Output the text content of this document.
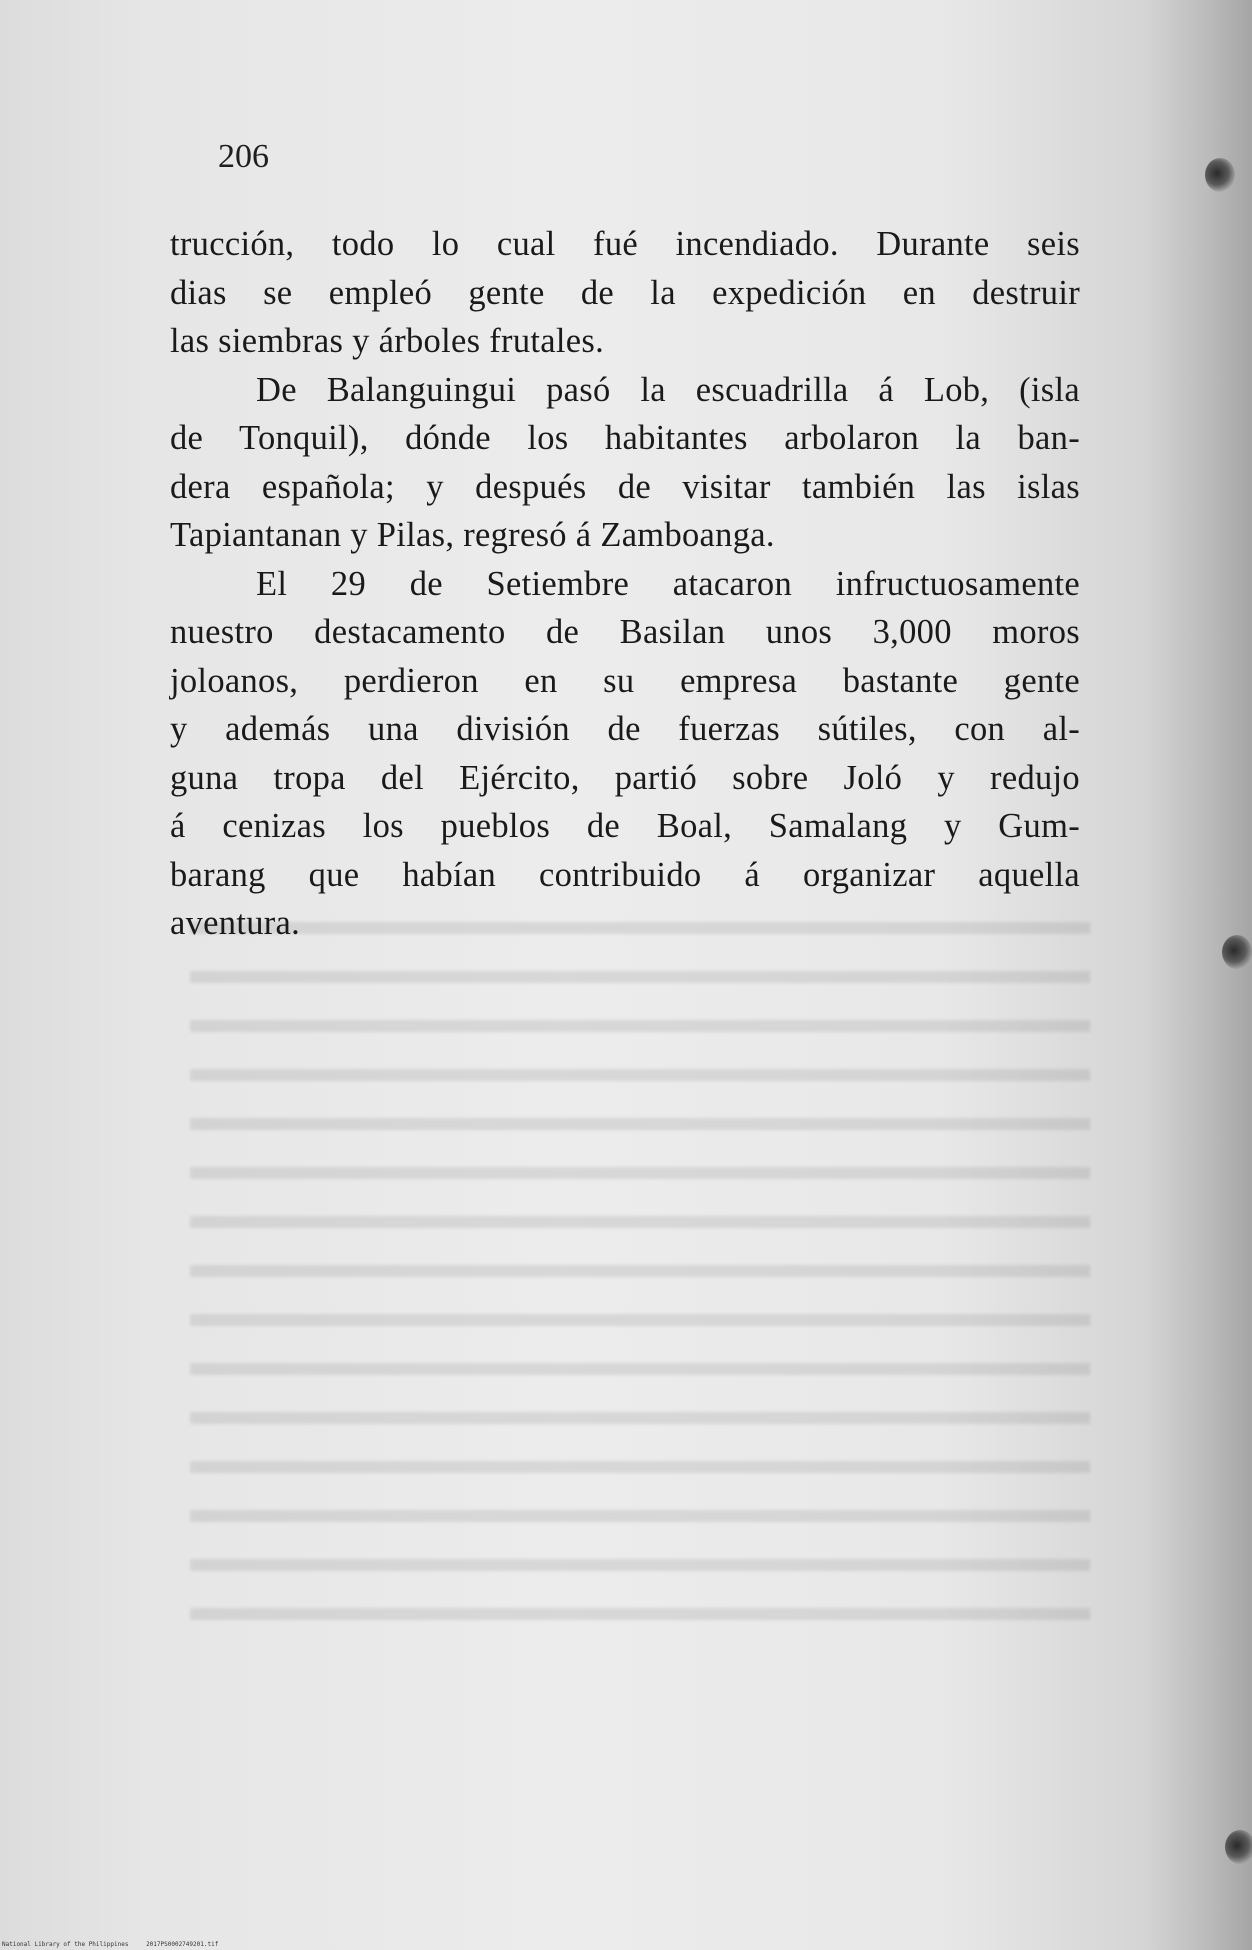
206

trucción, todo lo cual fué incendiado. Durante seis
dias se empleó gente de la expedición en destruir
las siembras y árboles frutales.
De Balanguingui pasó la escuadrilla á Lob, (isla
de Tonquil), dónde los habitantes arbolaron la ban-
dera española; y después de visitar también las islas
Tapiantanan y Pilas, regresó á Zamboanga.
El 29 de Setiembre atacaron infructuosamente
nuestro destacamento de Basilan unos 3,000 moros
joloanos, perdieron en su empresa bastante gente
y además una división de fuerzas sútiles, con al-
guna tropa del Ejército, partió sobre Joló y redujo
á cenizas los pueblos de Boal, Samalang y Gum-
barang que habían contribuido á organizar aquella
aventura.

National Library of the Philippines	2017PS0002749201.tif
